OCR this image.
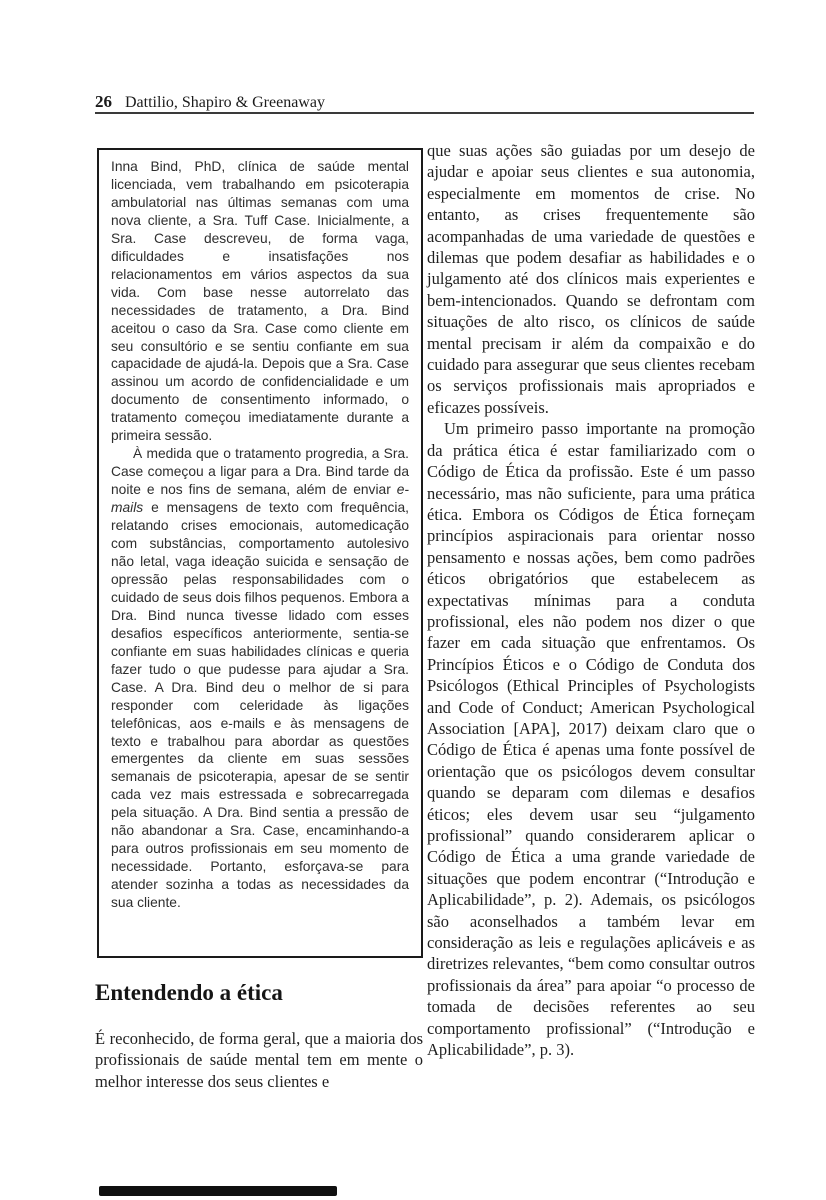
26 Dattilio, Shapiro & Greenaway

Inna Bind, PhD, clínica de saúde mental licenciada, vem trabalhando em psicoterapia ambulatorial nas últimas semanas com uma nova cliente, a Sra. Tuff Case. Inicialmente, a Sra. Case descreveu, de forma vaga, dificuldades e insatisfações nos relacionamentos em vários aspectos da sua vida. Com base nesse autorrelato das necessidades de tratamento, a Dra. Bind aceitou o caso da Sra. Case como cliente em seu consultório e se sentiu confiante em sua capacidade de ajudá-la. Depois que a Sra. Case assinou um acordo de confidencialidade e um documento de consentimento informado, o tratamento começou imediatamente durante a primeira sessão.

À medida que o tratamento progredia, a Sra. Case começou a ligar para a Dra. Bind tarde da noite e nos fins de semana, além de enviar e-mails e mensagens de texto com frequência, relatando crises emocionais, automedicação com substâncias, comportamento autolesivo não letal, vaga ideação suicida e sensação de opressão pelas responsabilidades com o cuidado de seus dois filhos pequenos. Embora a Dra. Bind nunca tivesse lidado com esses desafios específicos anteriormente, sentia-se confiante em suas habilidades clínicas e queria fazer tudo o que pudesse para ajudar a Sra. Case. A Dra. Bind deu o melhor de si para responder com celeridade às ligações telefônicas, aos e-mails e às mensagens de texto e trabalhou para abordar as questões emergentes da cliente em suas sessões semanais de psicoterapia, apesar de se sentir cada vez mais estressada e sobrecarregada pela situação. A Dra. Bind sentia a pressão de não abandonar a Sra. Case, encaminhando-a para outros profissionais em seu momento de necessidade. Portanto, esforçava-se para atender sozinha a todas as necessidades da sua cliente.

Entendendo a ética

É reconhecido, de forma geral, que a maioria dos profissionais de saúde mental tem em mente o melhor interesse dos seus clientes e

que suas ações são guiadas por um desejo de ajudar e apoiar seus clientes e sua autonomia, especialmente em momentos de crise. No entanto, as crises frequentemente são acompanhadas de uma variedade de questões e dilemas que podem desafiar as habilidades e o julgamento até dos clínicos mais experientes e bem-intencionados. Quando se defrontam com situações de alto risco, os clínicos de saúde mental precisam ir além da compaixão e do cuidado para assegurar que seus clientes recebam os serviços profissionais mais apropriados e eficazes possíveis.

Um primeiro passo importante na promoção da prática ética é estar familiarizado com o Código de Ética da profissão. Este é um passo necessário, mas não suficiente, para uma prática ética. Embora os Códigos de Ética forneçam princípios aspiracionais para orientar nosso pensamento e nossas ações, bem como padrões éticos obrigatórios que estabelecem as expectativas mínimas para a conduta profissional, eles não podem nos dizer o que fazer em cada situação que enfrentamos. Os Princípios Éticos e o Código de Conduta dos Psicólogos (Ethical Principles of Psychologists and Code of Conduct; American Psychological Association [APA], 2017) deixam claro que o Código de Ética é apenas uma fonte possível de orientação que os psicólogos devem consultar quando se deparam com dilemas e desafios éticos; eles devem usar seu “julgamento profissional” quando considerarem aplicar o Código de Ética a uma grande variedade de situações que podem encontrar (“Introdução e Aplicabilidade”, p. 2). Ademais, os psicólogos são aconselhados a também levar em consideração as leis e regulações aplicáveis e as diretrizes relevantes, “bem como consultar outros profissionais da área” para apoiar “o processo de tomada de decisões referentes ao seu comportamento profissional” (“Introdução e Aplicabilidade”, p. 3).
